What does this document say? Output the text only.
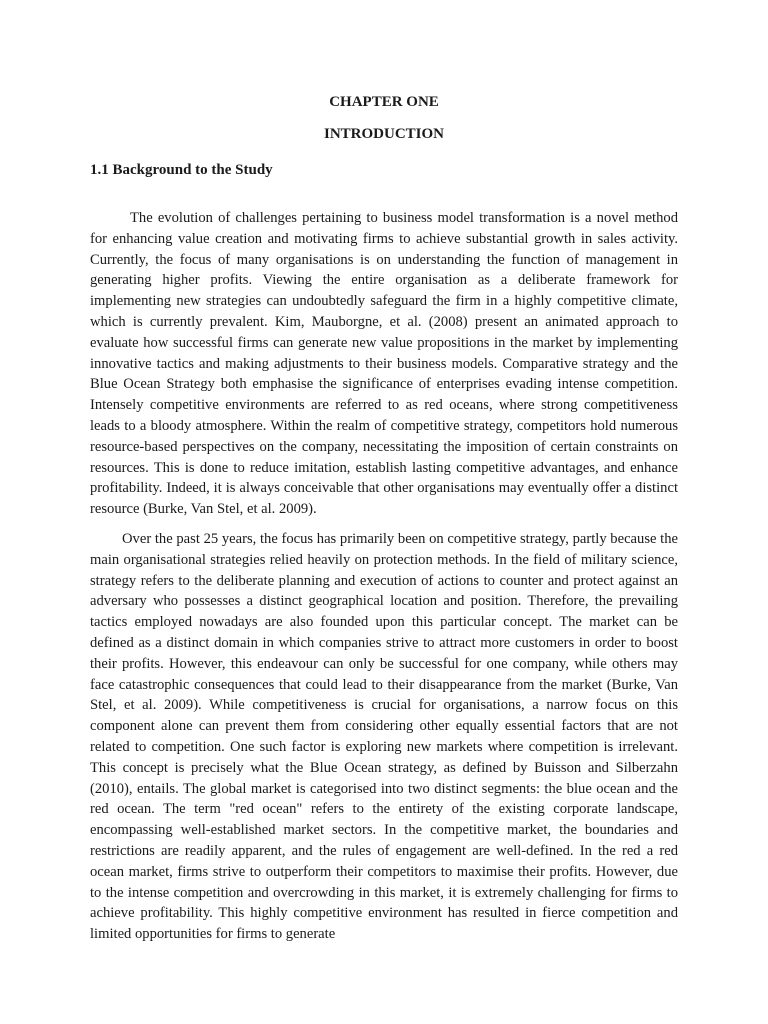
CHAPTER ONE
INTRODUCTION
1.1 Background to the Study

The evolution of challenges pertaining to business model transformation is a novel method for enhancing value creation and motivating firms to achieve substantial growth in sales activity. Currently, the focus of many organisations is on understanding the function of management in generating higher profits. Viewing the entire organisation as a deliberate framework for implementing new strategies can undoubtedly safeguard the firm in a highly competitive climate, which is currently prevalent. Kim, Mauborgne, et al. (2008) present an animated approach to evaluate how successful firms can generate new value propositions in the market by implementing innovative tactics and making adjustments to their business models. Comparative strategy and the Blue Ocean Strategy both emphasise the significance of enterprises evading intense competition. Intensely competitive environments are referred to as red oceans, where strong competitiveness leads to a bloody atmosphere. Within the realm of competitive strategy, competitors hold numerous resource-based perspectives on the company, necessitating the imposition of certain constraints on resources. This is done to reduce imitation, establish lasting competitive advantages, and enhance profitability. Indeed, it is always conceivable that other organisations may eventually offer a distinct resource (Burke, Van Stel, et al. 2009).

Over the past 25 years, the focus has primarily been on competitive strategy, partly because the main organisational strategies relied heavily on protection methods. In the field of military science, strategy refers to the deliberate planning and execution of actions to counter and protect against an adversary who possesses a distinct geographical location and position. Therefore, the prevailing tactics employed nowadays are also founded upon this particular concept. The market can be defined as a distinct domain in which companies strive to attract more customers in order to boost their profits. However, this endeavour can only be successful for one company, while others may face catastrophic consequences that could lead to their disappearance from the market (Burke, Van Stel, et al. 2009). While competitiveness is crucial for organisations, a narrow focus on this component alone can prevent them from considering other equally essential factors that are not related to competition. One such factor is exploring new markets where competition is irrelevant. This concept is precisely what the Blue Ocean strategy, as defined by Buisson and Silberzahn (2010), entails. The global market is categorised into two distinct segments: the blue ocean and the red ocean. The term "red ocean" refers to the entirety of the existing corporate landscape, encompassing well-established market sectors. In the competitive market, the boundaries and restrictions are readily apparent, and the rules of engagement are well-defined. In the red a red ocean market, firms strive to outperform their competitors to maximise their profits. However, due to the intense competition and overcrowding in this market, it is extremely challenging for firms to achieve profitability. This highly competitive environment has resulted in fierce competition and limited opportunities for firms to generate
